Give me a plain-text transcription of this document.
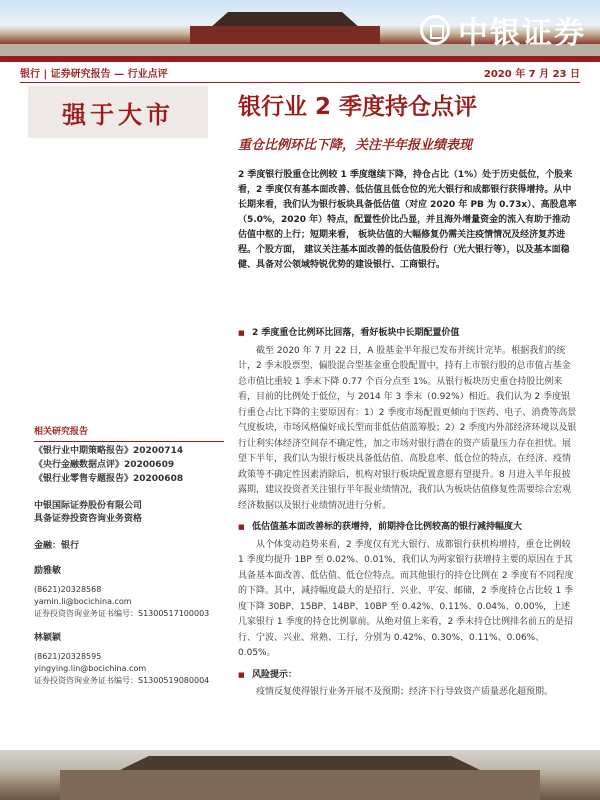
中银证券
银行 | 证券研究报告 — 行业点评	2020 年 7 月 23 日
强于大市	银行业 2 季度持仓点评
重仓比例环比下降，关注半年报业绩表现
2 季度银行股重仓比例较 1 季度继续下降，持仓占比（1%）处于历史低位，个股来看，2 季度仅有基本面改善、低估值且低仓位的光大银行和成都银行获得增持。从中长期来看，我们认为银行板块具备低估值（对应 2020 年 PB 为 0.73x）、高股息率（5.0%，2020 年）特点，配置性价比凸显，并且海外增量资金的流入有助于推动估值中枢的上行；短期来看， 板块估值的大幅修复仍需关注疫情情况及经济复苏进程。个股方面， 建议关注基本面改善的低估值股份行（光大银行等），以及基本面稳健、具备对公领域特锐优势的建设银行、工商银行。
■ 2 季度重仓比例环比回落，看好板块中长期配置价值
截至 2020 年 7 月 22 日，A 股基金半年报已发布并统计完毕。根据我们的统计，2 季末股票型、偏股混合型基金重仓股配置中，持有上市银行股的总市值占基金总市值比重较 1 季末下降 0.77 个百分点至 1%。从银行板块历史重仓持股比例来看，目前的比例处于低位，与 2014 年 3 季末（0.92%）相近。我们认为 2 季度银行重仓占比下降的主要原因有：1）2 季度市场配置更倾向于医药、电子、消费等高景气度板块，市场风格偏好成长型而非低估值蓝筹股；2）2 季度内外部经济环境以及银行让利实体经济空间存不确定性，加之市场对银行潜在的资产质量压力存在担忧。展望下半年，我们认为银行板块具备低估值、高股息率、低仓位的特点，在经济、疫情政策等不确定性因素消除后，机构对银行板块配置意愿有望提升。8 月进入半年报披露期，建议投资者关注银行半年报业绩情况，我们认为板块估值修复性需要综合宏观经济数据以及银行业绩情况进行分析。
■ 低估值基本面改善标的获增持，前期持仓比例较高的银行减持幅度大
从个体变动趋势来看，2 季度仅有光大银行、成都银行获机构增持，重仓比例较 1 季度均提升 1BP 至 0.02%、0.01%，我们认为两家银行获增持主要的原因在于其具备基本面改善、低估值、低仓位特点。而其他银行的持仓比例在 2 季度有不同程度的下降。其中，减持幅度最大的是招行、兴业、平安、邮储，2 季度持仓占比较 1 季度下降 30BP、15BP、14BP、10BP 至 0.42%、0.11%、0.04%、0.00%，上述几家银行 1 季度的持仓比例靠前。从绝对值上来看，2 季末持仓比例排名前五的是招行、宁波、兴业、常熟、工行，分别为 0.42%、0.30%、0.11%、0.06%、0.05%。
■ 风险提示：
疫情反复使得银行业务开展不及预期；经济下行导致资产质量恶化超预期。
相关研究报告
《银行业中期策略报告》20200714
《央行金融数据点评》20200609
《银行业零售专题报告》20200608
中银国际证券股份有限公司
具备证券投资咨询业务资格
金融：银行
励雅敏
(8621)20328568
yamin.li@bocichina.com
证券投资咨询业务证书编号：S1300517100003
林颖颖
(8621)20328595
yingying.lin@bocichina.com
证券投资咨询业务证书编号：S1300519080004
